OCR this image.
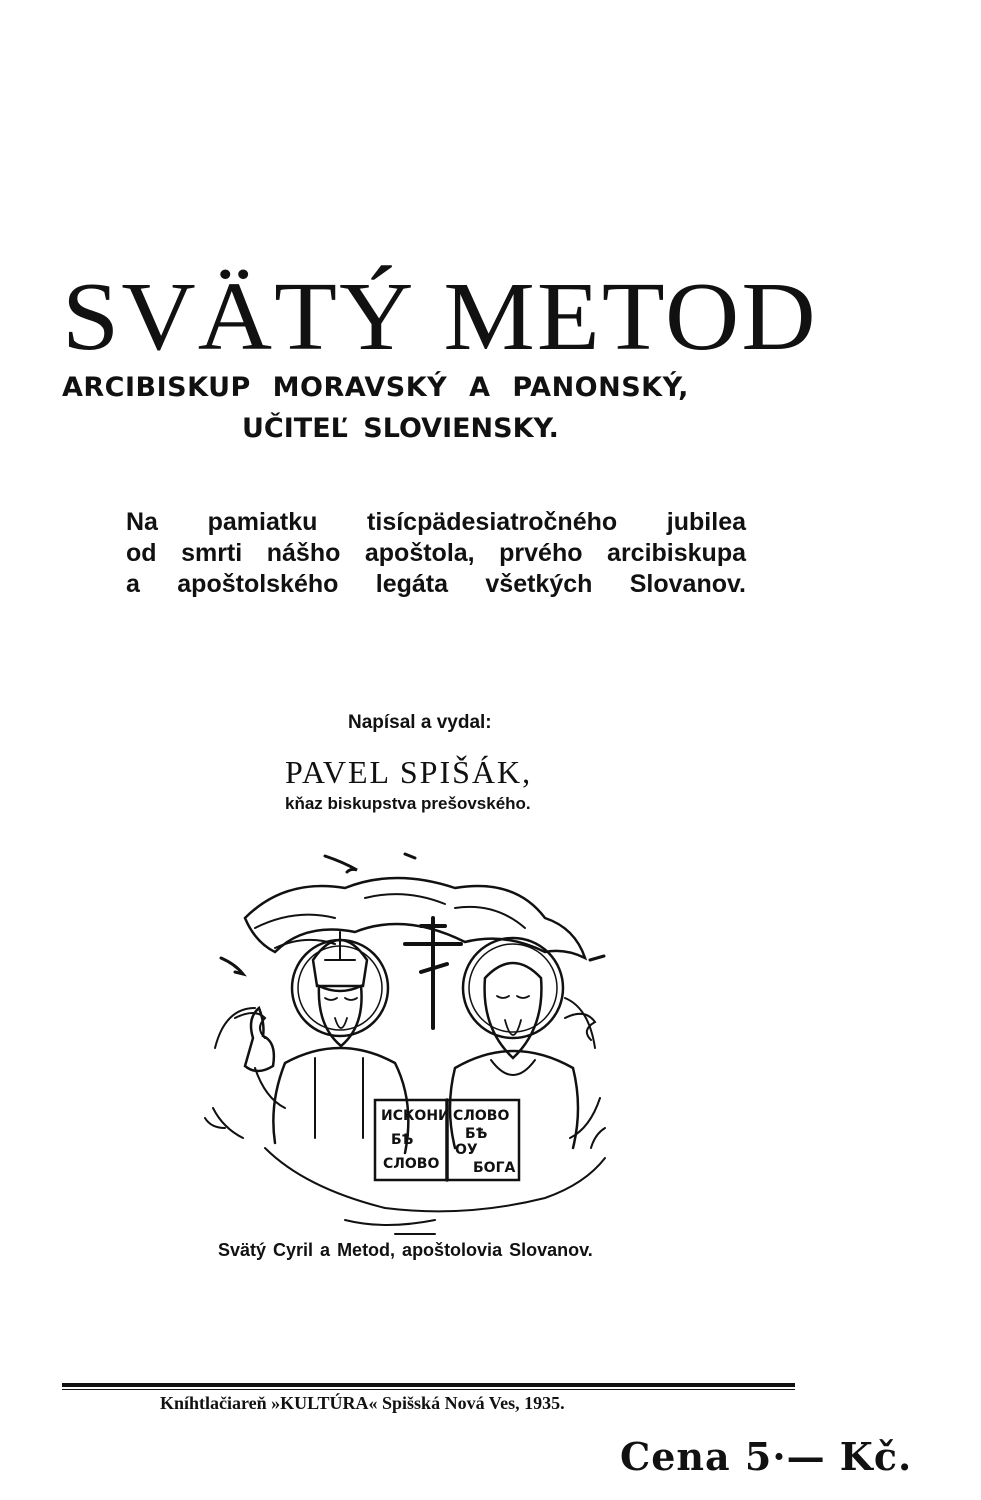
SVÄTÝ METOD
ARCIBISKUP MORAVSKÝ A PANONSKÝ,
UČITEĽ SLOVIENSKY.
Na pamiatku tisícpädesiatročného jubilea
od smrti nášho apoštola, prvého arcibiskupa
a apoštolského legáta všetkých Slovanov.
Napísal a vydal:
PAVEL SPIŠÁK,
kňaz biskupstva prešovského.
ИСКОНИ
БѢ
СЛОВО
СЛОВО
БѢ
ОУ
БОГА
Svätý Cyril a Metod, apoštolovia Slovanov.
Kníhtlačiareň »KULTÚRA« Spišská Nová Ves, 1935.
Cena 5·— Kč.
